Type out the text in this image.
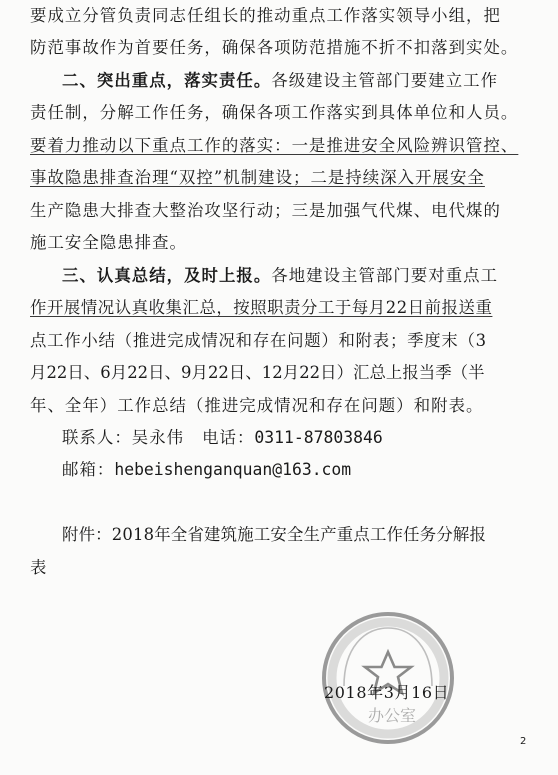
要成立分管负责同志任组长的推动重点工作落实领导小组，把
防范事故作为首要任务，确保各项防范措施不折不扣落到实处。
二、突出重点，落实责任。各级建设主管部门要建立工作
责任制，分解工作任务，确保各项工作落实到具体单位和人员。
要着力推动以下重点工作的落实：一是推进安全风险辨识管控、
事故隐患排查治理“双控”机制建设；二是持续深入开展安全
生产隐患大排查大整治攻坚行动；三是加强气代煤、电代煤的
施工安全隐患排查。
三、认真总结，及时上报。各地建设主管部门要对重点工
作开展情况认真收集汇总，按照职责分工于每月22日前报送重
点工作小结（推进完成情况和存在问题）和附表；季度末（3
月22日、6月22日、9月22日、12月22日）汇总上报当季（半
年、全年）工作总结（推进完成情况和存在问题）和附表。
联系人：吴永伟 电话：0311-87803846
邮箱：hebeishenganquan@163.com
附件：2018年全省建筑施工安全生产重点工作任务分解报
表
办公室
2018年3月16日
2
